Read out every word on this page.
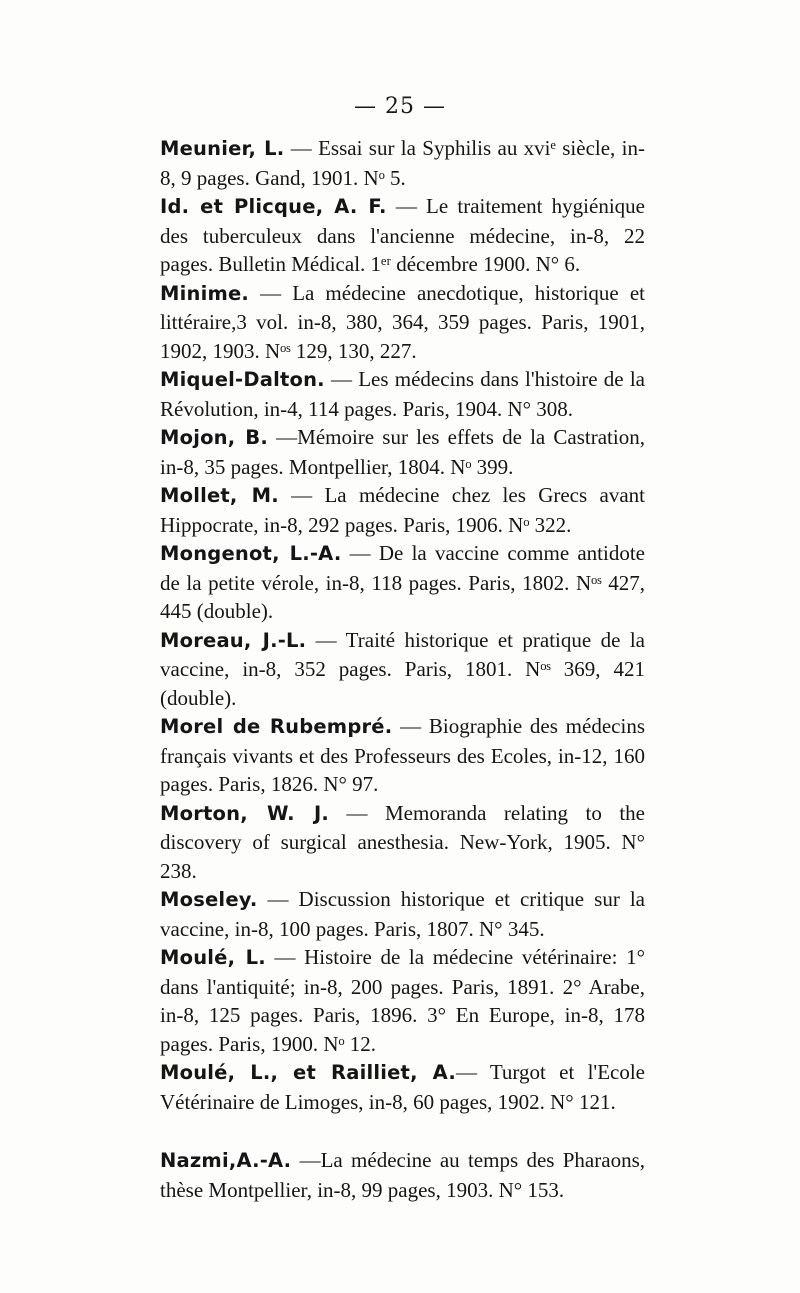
— 25 —

Meunier, L. — Essai sur la Syphilis au xviᵉ siècle, in-8, 9 pages. Gand, 1901. Nᵒ 5.

Id. et Plicque, A. F. — Le traitement hygiénique des tuberculeux dans l'ancienne médecine, in-8, 22 pages. Bulletin Médical. 1ᵉʳ décembre 1900. N° 6.

Minime. — La médecine anecdotique, historique et littéraire,3 vol. in-8, 380, 364, 359 pages. Paris, 1901, 1902, 1903. Nᵒˢ 129, 130, 227.

Miquel-Dalton. — Les médecins dans l'histoire de la Révolution, in-4, 114 pages. Paris, 1904. N° 308.

Mojon, B. —Mémoire sur les effets de la Castration, in-8, 35 pages. Montpellier, 1804. Nᵒ 399.

Mollet, M. — La médecine chez les Grecs avant Hippocrate, in-8, 292 pages. Paris, 1906. Nᵒ 322.

Mongenot, L.-A. — De la vaccine comme antidote de la petite vérole, in-8, 118 pages. Paris, 1802. Nᵒˢ 427, 445 (double).

Moreau, J.-L. — Traité historique et pratique de la vaccine, in-8, 352 pages. Paris, 1801. Nᵒˢ 369, 421 (double).

Morel de Rubempré. — Biographie des médecins français vivants et des Professeurs des Ecoles, in-12, 160 pages. Paris, 1826. N° 97.

Morton, W. J. — Memoranda relating to the discovery of surgical anesthesia. New-York, 1905. N° 238.

Moseley. — Discussion historique et critique sur la vaccine, in-8, 100 pages. Paris, 1807. N° 345.

Moulé, L. — Histoire de la médecine vétérinaire: 1° dans l'antiquité; in-8, 200 pages. Paris, 1891. 2° Arabe, in-8, 125 pages. Paris, 1896. 3° En Europe, in-8, 178 pages. Paris, 1900. Nᵒ 12.

Moulé, L., et Railliet, A.— Turgot et l'Ecole Vétérinaire de Limoges, in-8, 60 pages, 1902. N° 121.

Nazmi,A.-A. —La médecine au temps des Pharaons, thèse Montpellier, in-8, 99 pages, 1903. N° 153.
